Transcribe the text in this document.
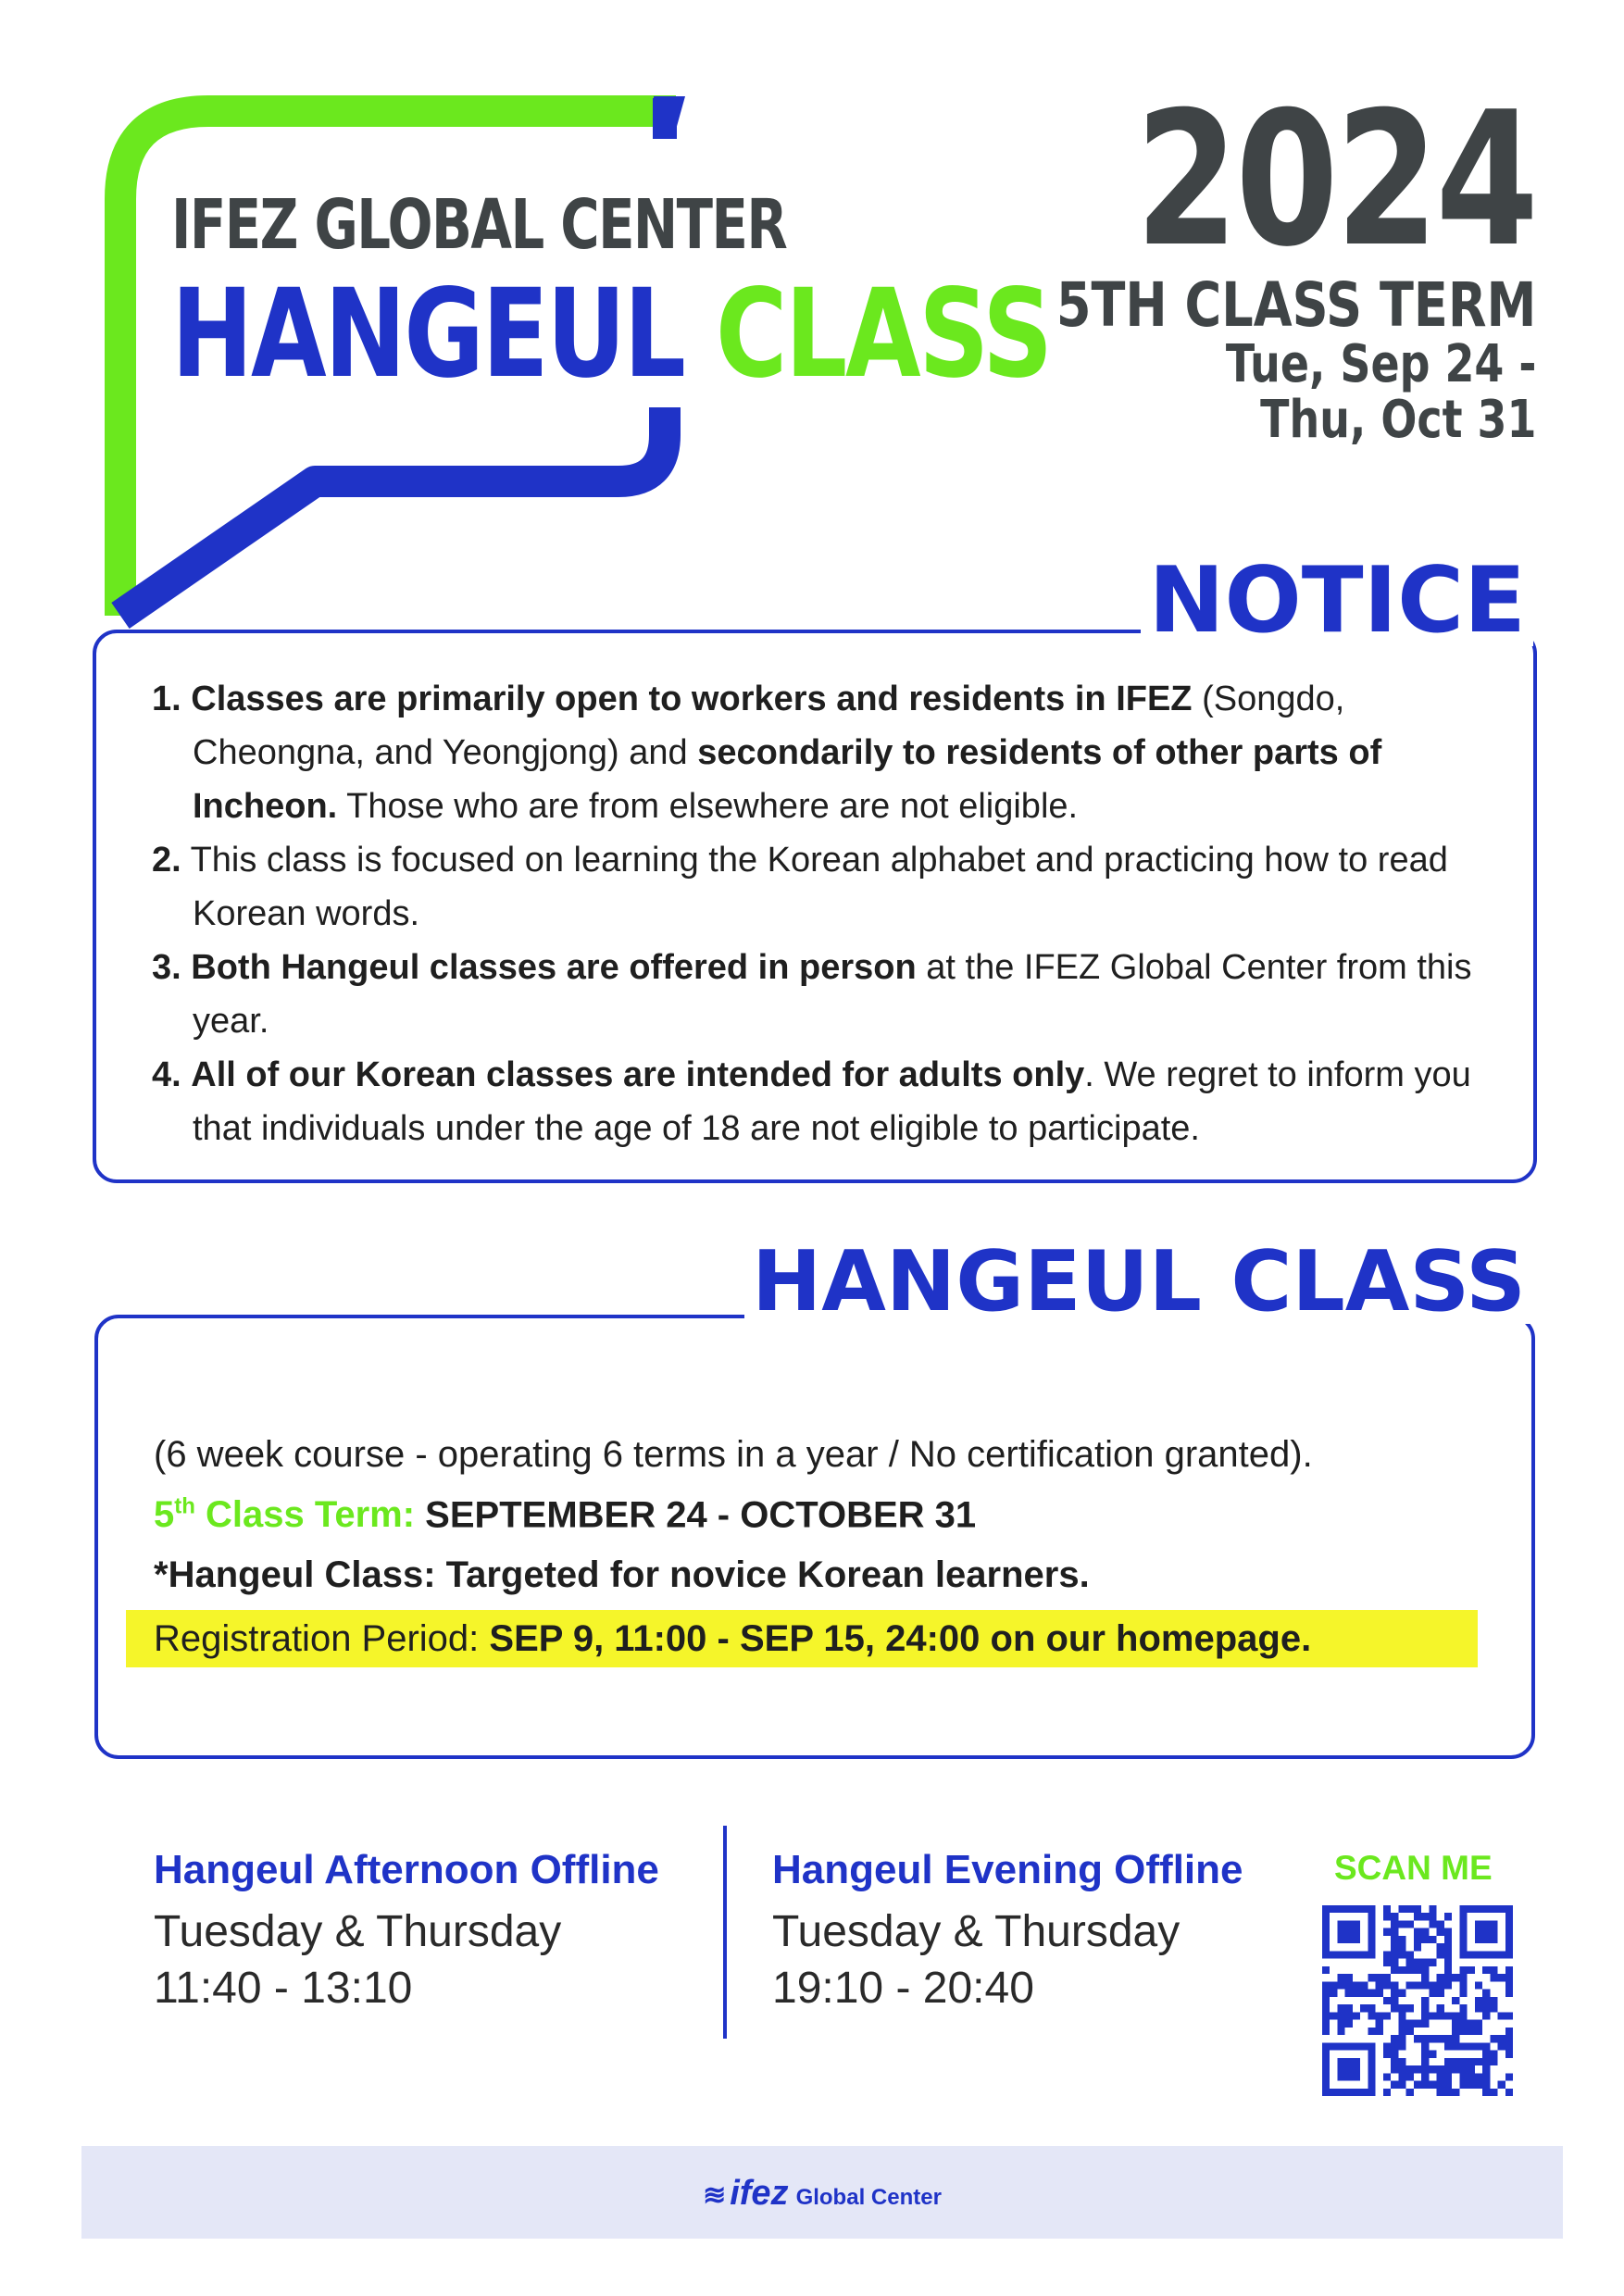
IFEZ GLOBAL CENTER
HANGEUL CLASS
2024
5TH CLASS TERM
Tue, Sep 24 -
Thu, Oct 31
1. Classes are primarily open to workers and residents in IFEZ (Songdo, Cheongna, and Yeongjong) and secondarily to residents of other parts of Incheon. Those who are from elsewhere are not eligible.
2. This class is focused on learning the Korean alphabet and practicing how to read Korean words.
3. Both Hangeul classes are offered in person at the IFEZ Global Center from this year.
4. All of our Korean classes are intended for adults only. We regret to inform you that individuals under the age of 18 are not eligible to participate.
NOTICE
(6 week course - operating 6 terms in a year / No certification granted).
5th Class Term: SEPTEMBER 24 - OCTOBER 31
*Hangeul Class: Targeted for novice Korean learners.
Registration Period: SEP 9, 11:00 - SEP 15, 24:00 on our homepage.
HANGEUL CLASS
Hangeul Afternoon Offline
Tuesday & Thursday
11:40 - 13:10
Hangeul Evening Offline
Tuesday & Thursday
19:10 - 20:40
SCAN ME
≋ ifez Global Center
